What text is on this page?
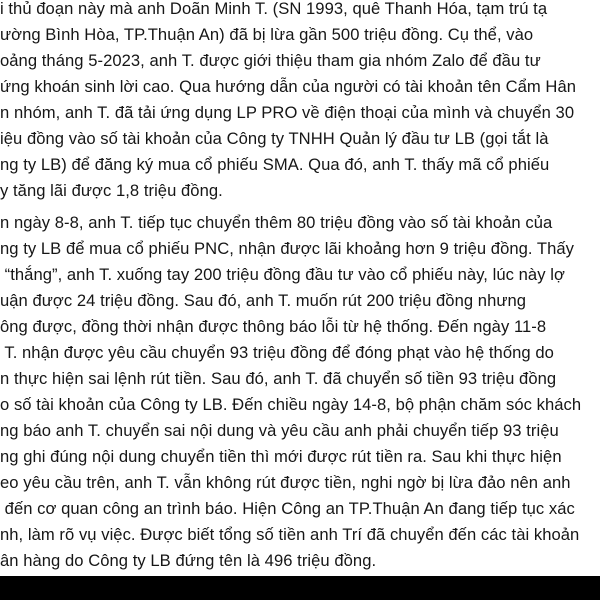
i thủ đoạn này mà anh Doãn Minh T. (SN 1993, quê Thanh Hóa, tạm trú tạ
ường Bình Hòa, TP.Thuận An) đã bị lừa gần 500 triệu đồng. Cụ thể, vào
oảng tháng 5-2023, anh T. được giới thiệu tham gia nhóm Zalo để đầu tư
ứng khoán sinh lời cao. Qua hướng dẫn của người có tài khoản tên Cẩm Hân
n nhóm, anh T. đã tải ứng dụng LP PRO về điện thoại của mình và chuyển 30
iệu đồng vào số tài khoản của Công ty TNHH Quản lý đầu tư LB (gọi tắt là
ng ty LB) để đăng ký mua cổ phiếu SMA. Qua đó, anh T. thấy mã cổ phiếu
y tăng lãi được 1,8 triệu đồng.
n ngày 8-8, anh T. tiếp tục chuyển thêm 80 triệu đồng vào số tài khoản của
ng ty LB để mua cổ phiếu PNC, nhận được lãi khoảng hơn 9 triệu đồng. Thấy
“thắng”, anh T. xuống tay 200 triệu đồng đầu tư vào cổ phiếu này, lúc này lợ
uận được 24 triệu đồng. Sau đó, anh T. muốn rút 200 triệu đồng nhưng
ông được, đồng thời nhận được thông báo lỗi từ hệ thống. Đến ngày 11-8
T. nhận được yêu cầu chuyển 93 triệu đồng để đóng phạt vào hệ thống do
n thực hiện sai lệnh rút tiền. Sau đó, anh T. đã chuyển số tiền 93 triệu đồng
o số tài khoản của Công ty LB. Đến chiều ngày 14-8, bộ phận chăm sóc khách
ng báo anh T. chuyển sai nội dung và yêu cầu anh phải chuyển tiếp 93 triệu
ng ghi đúng nội dung chuyển tiền thì mới được rút tiền ra. Sau khi thực hiện
eo yêu cầu trên, anh T. vẫn không rút được tiền, nghi ngờ bị lừa đảo nên anh
đến cơ quan công an trình báo. Hiện Công an TP.Thuận An đang tiếp tục xác
nh, làm rõ vụ việc. Được biết tổng số tiền anh Trí đã chuyển đến các tài khoản
ân hàng do Công ty LB đứng tên là 496 triệu đồng.
